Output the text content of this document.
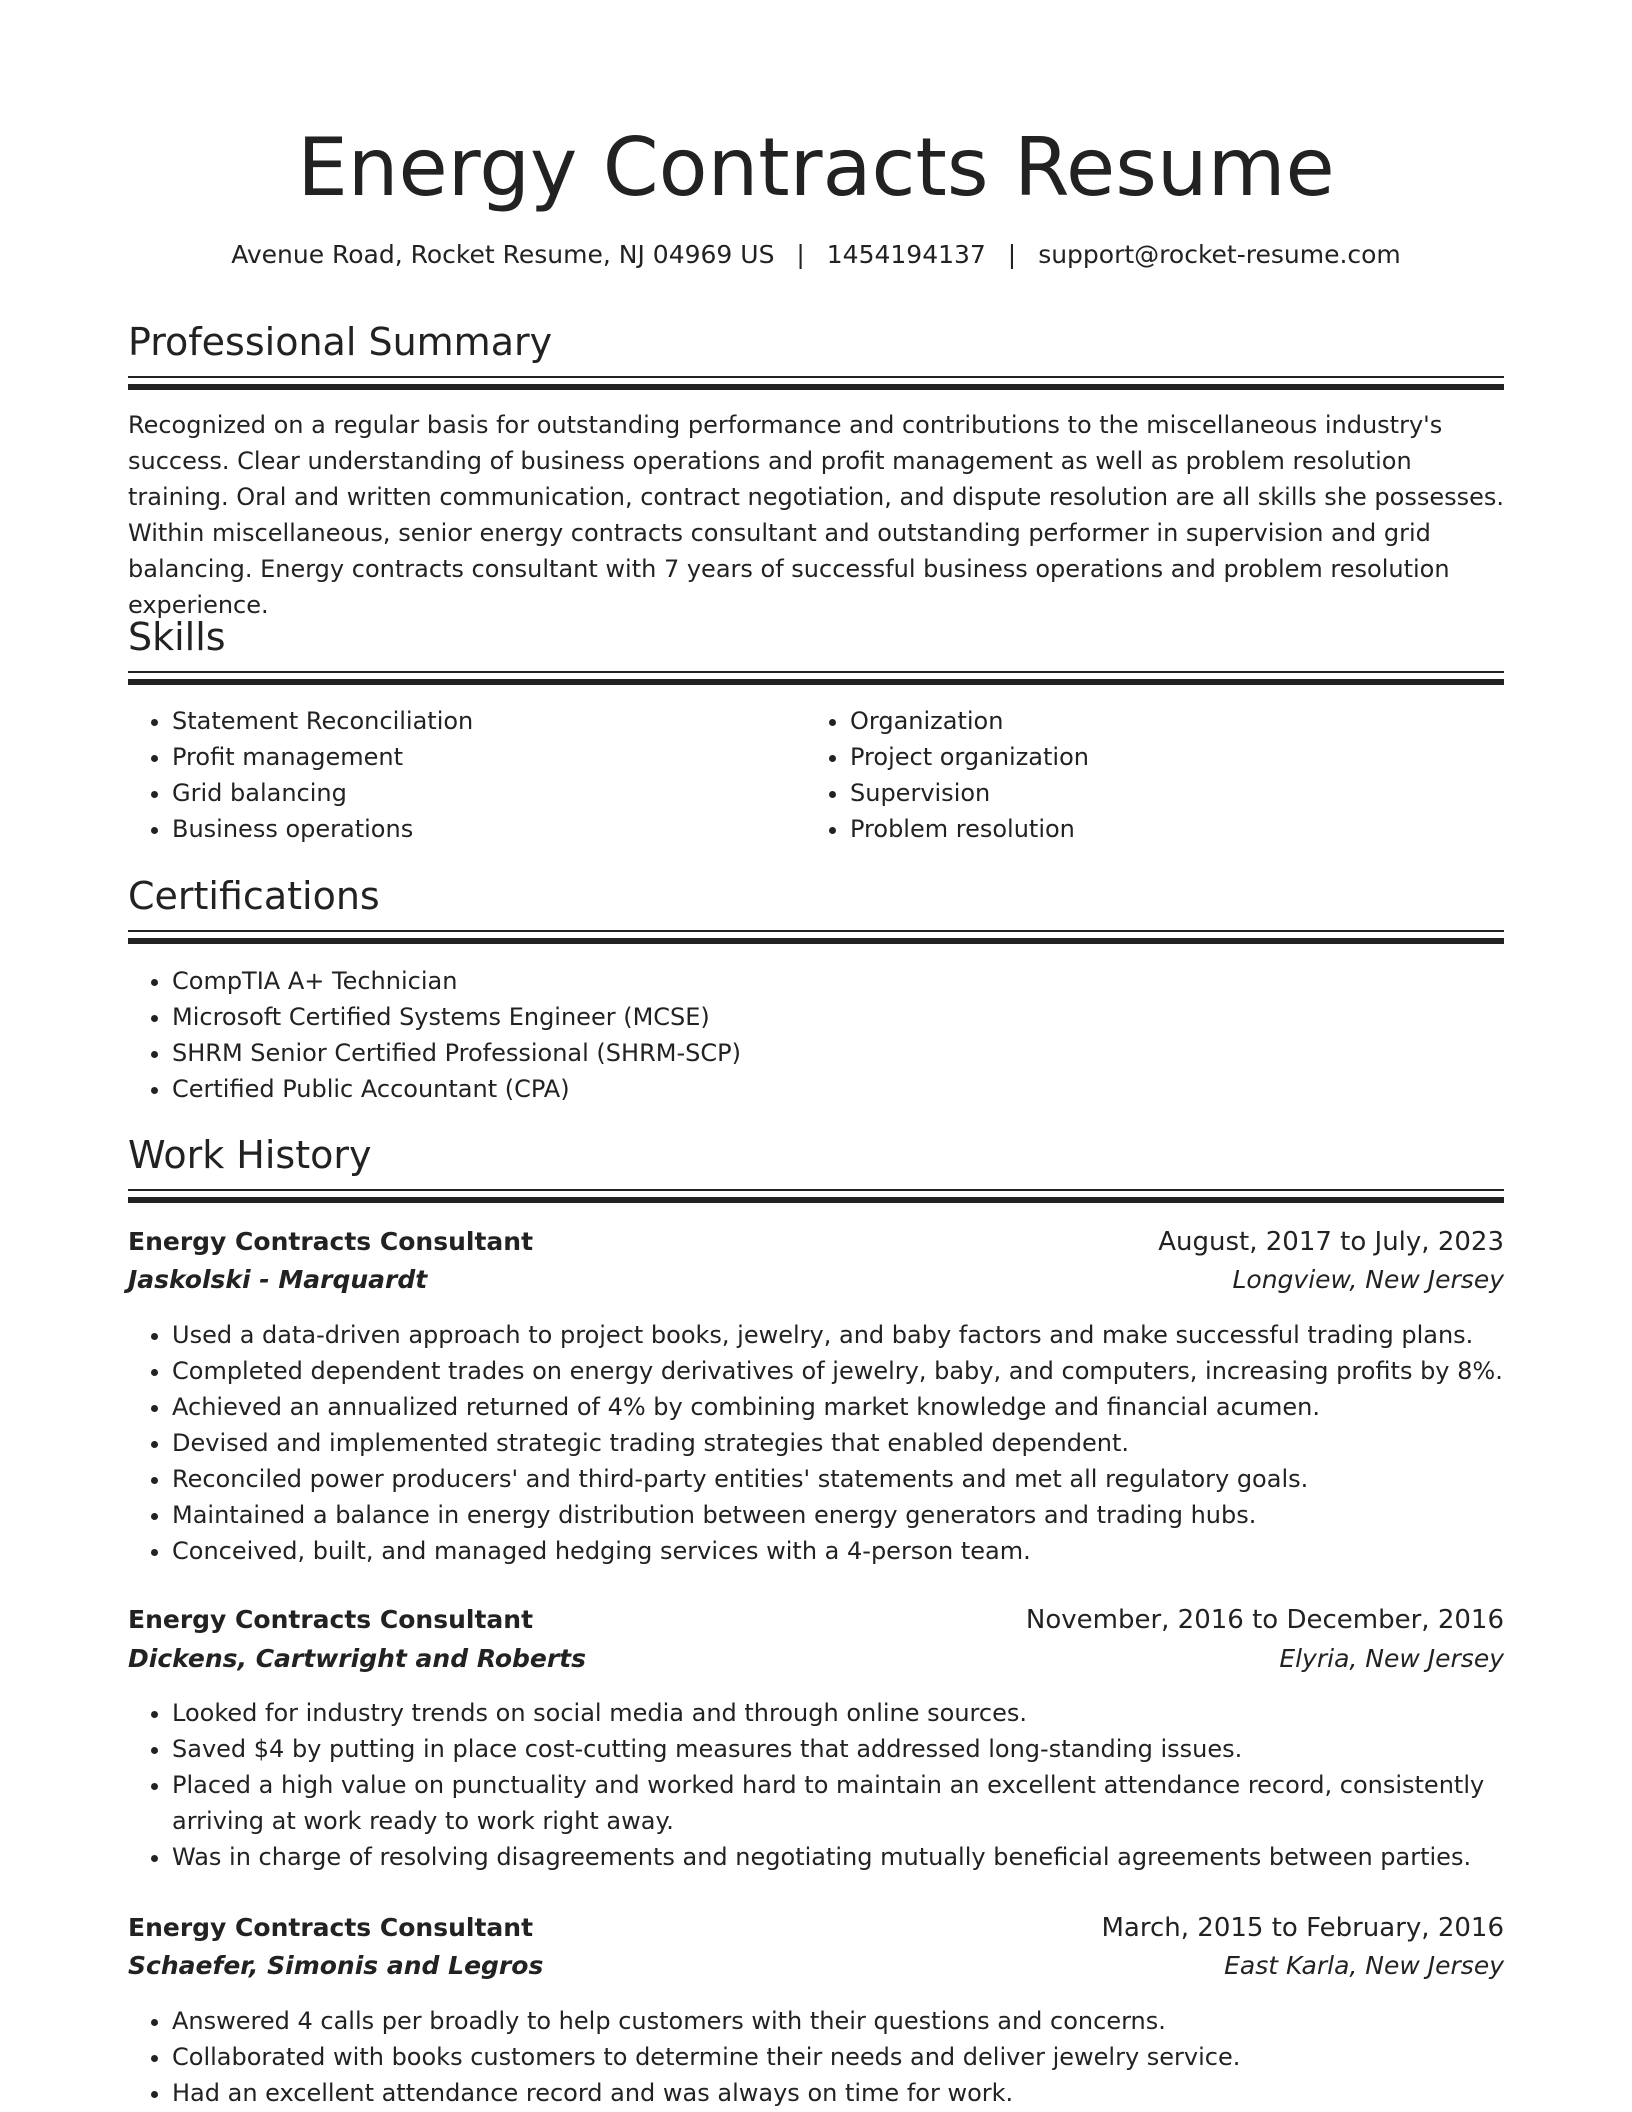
Energy Contracts Resume
Avenue Road, Rocket Resume, NJ 04969 US | 1454194137 | support@rocket-resume.com
Professional Summary

Recognized on a regular basis for outstanding performance and contributions to the miscellaneous industry's success. Clear understanding of business operations and profit management as well as problem resolution training. Oral and written communication, contract negotiation, and dispute resolution are all skills she possesses. Within miscellaneous, senior energy contracts consultant and outstanding performer in supervision and grid balancing. Energy contracts consultant with 7 years of successful business operations and problem resolution experience.

Skills
• Statement Reconciliation
• Profit management
• Grid balancing
• Business operations
• Organization
• Project organization
• Supervision
• Problem resolution
Certifications
• CompTIA A+ Technician
• Microsoft Certified Systems Engineer (MCSE)
• SHRM Senior Certified Professional (SHRM-SCP)
• Certified Public Accountant (CPA)
Work History
Energy Contracts Consultant	August, 2017 to July, 2023
Jaskolski - Marquardt	Longview, New Jersey
• Used a data-driven approach to project books, jewelry, and baby factors and make successful trading plans.
• Completed dependent trades on energy derivatives of jewelry, baby, and computers, increasing profits by 8%.
• Achieved an annualized returned of 4% by combining market knowledge and financial acumen.
• Devised and implemented strategic trading strategies that enabled dependent.
• Reconciled power producers' and third-party entities' statements and met all regulatory goals.
• Maintained a balance in energy distribution between energy generators and trading hubs.
• Conceived, built, and managed hedging services with a 4-person team.
Energy Contracts Consultant	November, 2016 to December, 2016
Dickens, Cartwright and Roberts	Elyria, New Jersey
• Looked for industry trends on social media and through online sources.
• Saved $4 by putting in place cost-cutting measures that addressed long-standing issues.
• Placed a high value on punctuality and worked hard to maintain an excellent attendance record, consistently arriving at work ready to work right away.
• Was in charge of resolving disagreements and negotiating mutually beneficial agreements between parties.
Energy Contracts Consultant	March, 2015 to February, 2016
Schaefer, Simonis and Legros	East Karla, New Jersey
• Answered 4 calls per broadly to help customers with their questions and concerns.
• Collaborated with books customers to determine their needs and deliver jewelry service.
• Had an excellent attendance record and was always on time for work.
